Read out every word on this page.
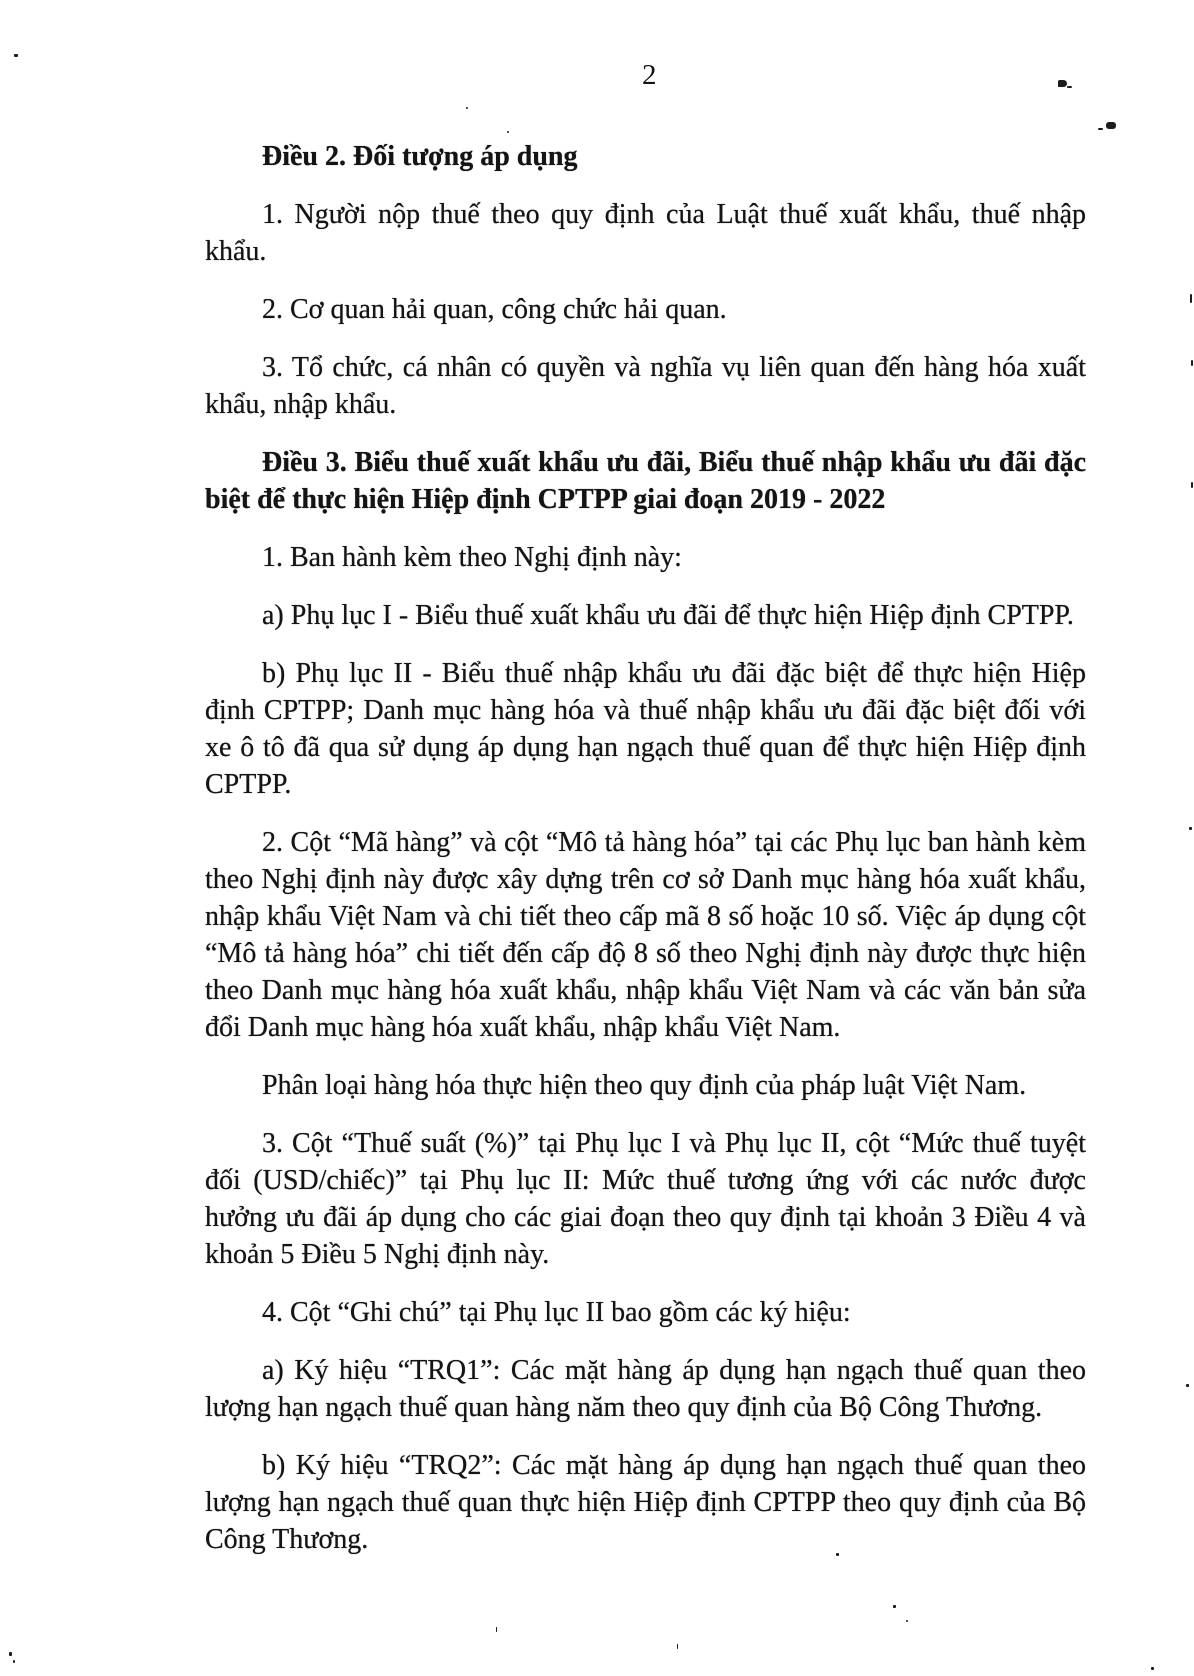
2
Điều 2. Đối tượng áp dụng
1. Người nộp thuế theo quy định của Luật thuế xuất khẩu, thuế nhập khẩu.
2. Cơ quan hải quan, công chức hải quan.
3. Tổ chức, cá nhân có quyền và nghĩa vụ liên quan đến hàng hóa xuất
khẩu, nhập khẩu.
Điều 3. Biểu thuế xuất khẩu ưu đãi, Biểu thuế nhập khẩu ưu đãi đặc
biệt để thực hiện Hiệp định CPTPP giai đoạn 2019 - 2022
1. Ban hành kèm theo Nghị định này:
a) Phụ lục I - Biểu thuế xuất khẩu ưu đãi để thực hiện Hiệp định CPTPP.
b) Phụ lục II - Biểu thuế nhập khẩu ưu đãi đặc biệt để thực hiện Hiệp
định CPTPP; Danh mục hàng hóa và thuế nhập khẩu ưu đãi đặc biệt đối với
xe ô tô đã qua sử dụng áp dụng hạn ngạch thuế quan để thực hiện Hiệp định
CPTPP.
2. Cột “Mã hàng” và cột “Mô tả hàng hóa” tại các Phụ lục ban hành kèm
theo Nghị định này được xây dựng trên cơ sở Danh mục hàng hóa xuất khẩu,
nhập khẩu Việt Nam và chi tiết theo cấp mã 8 số hoặc 10 số. Việc áp dụng cột
“Mô tả hàng hóa” chi tiết đến cấp độ 8 số theo Nghị định này được thực hiện
theo Danh mục hàng hóa xuất khẩu, nhập khẩu Việt Nam và các văn bản sửa
đổi Danh mục hàng hóa xuất khẩu, nhập khẩu Việt Nam.
Phân loại hàng hóa thực hiện theo quy định của pháp luật Việt Nam.
3. Cột “Thuế suất (%)” tại Phụ lục I và Phụ lục II, cột “Mức thuế tuyệt
đối (USD/chiếc)” tại Phụ lục II: Mức thuế tương ứng với các nước được
hưởng ưu đãi áp dụng cho các giai đoạn theo quy định tại khoản 3 Điều 4 và
khoản 5 Điều 5 Nghị định này.
4. Cột “Ghi chú” tại Phụ lục II bao gồm các ký hiệu:
a) Ký hiệu “TRQ1”: Các mặt hàng áp dụng hạn ngạch thuế quan theo
lượng hạn ngạch thuế quan hàng năm theo quy định của Bộ Công Thương.
b) Ký hiệu “TRQ2”: Các mặt hàng áp dụng hạn ngạch thuế quan theo
lượng hạn ngạch thuế quan thực hiện Hiệp định CPTPP theo quy định của Bộ
Công Thương.
